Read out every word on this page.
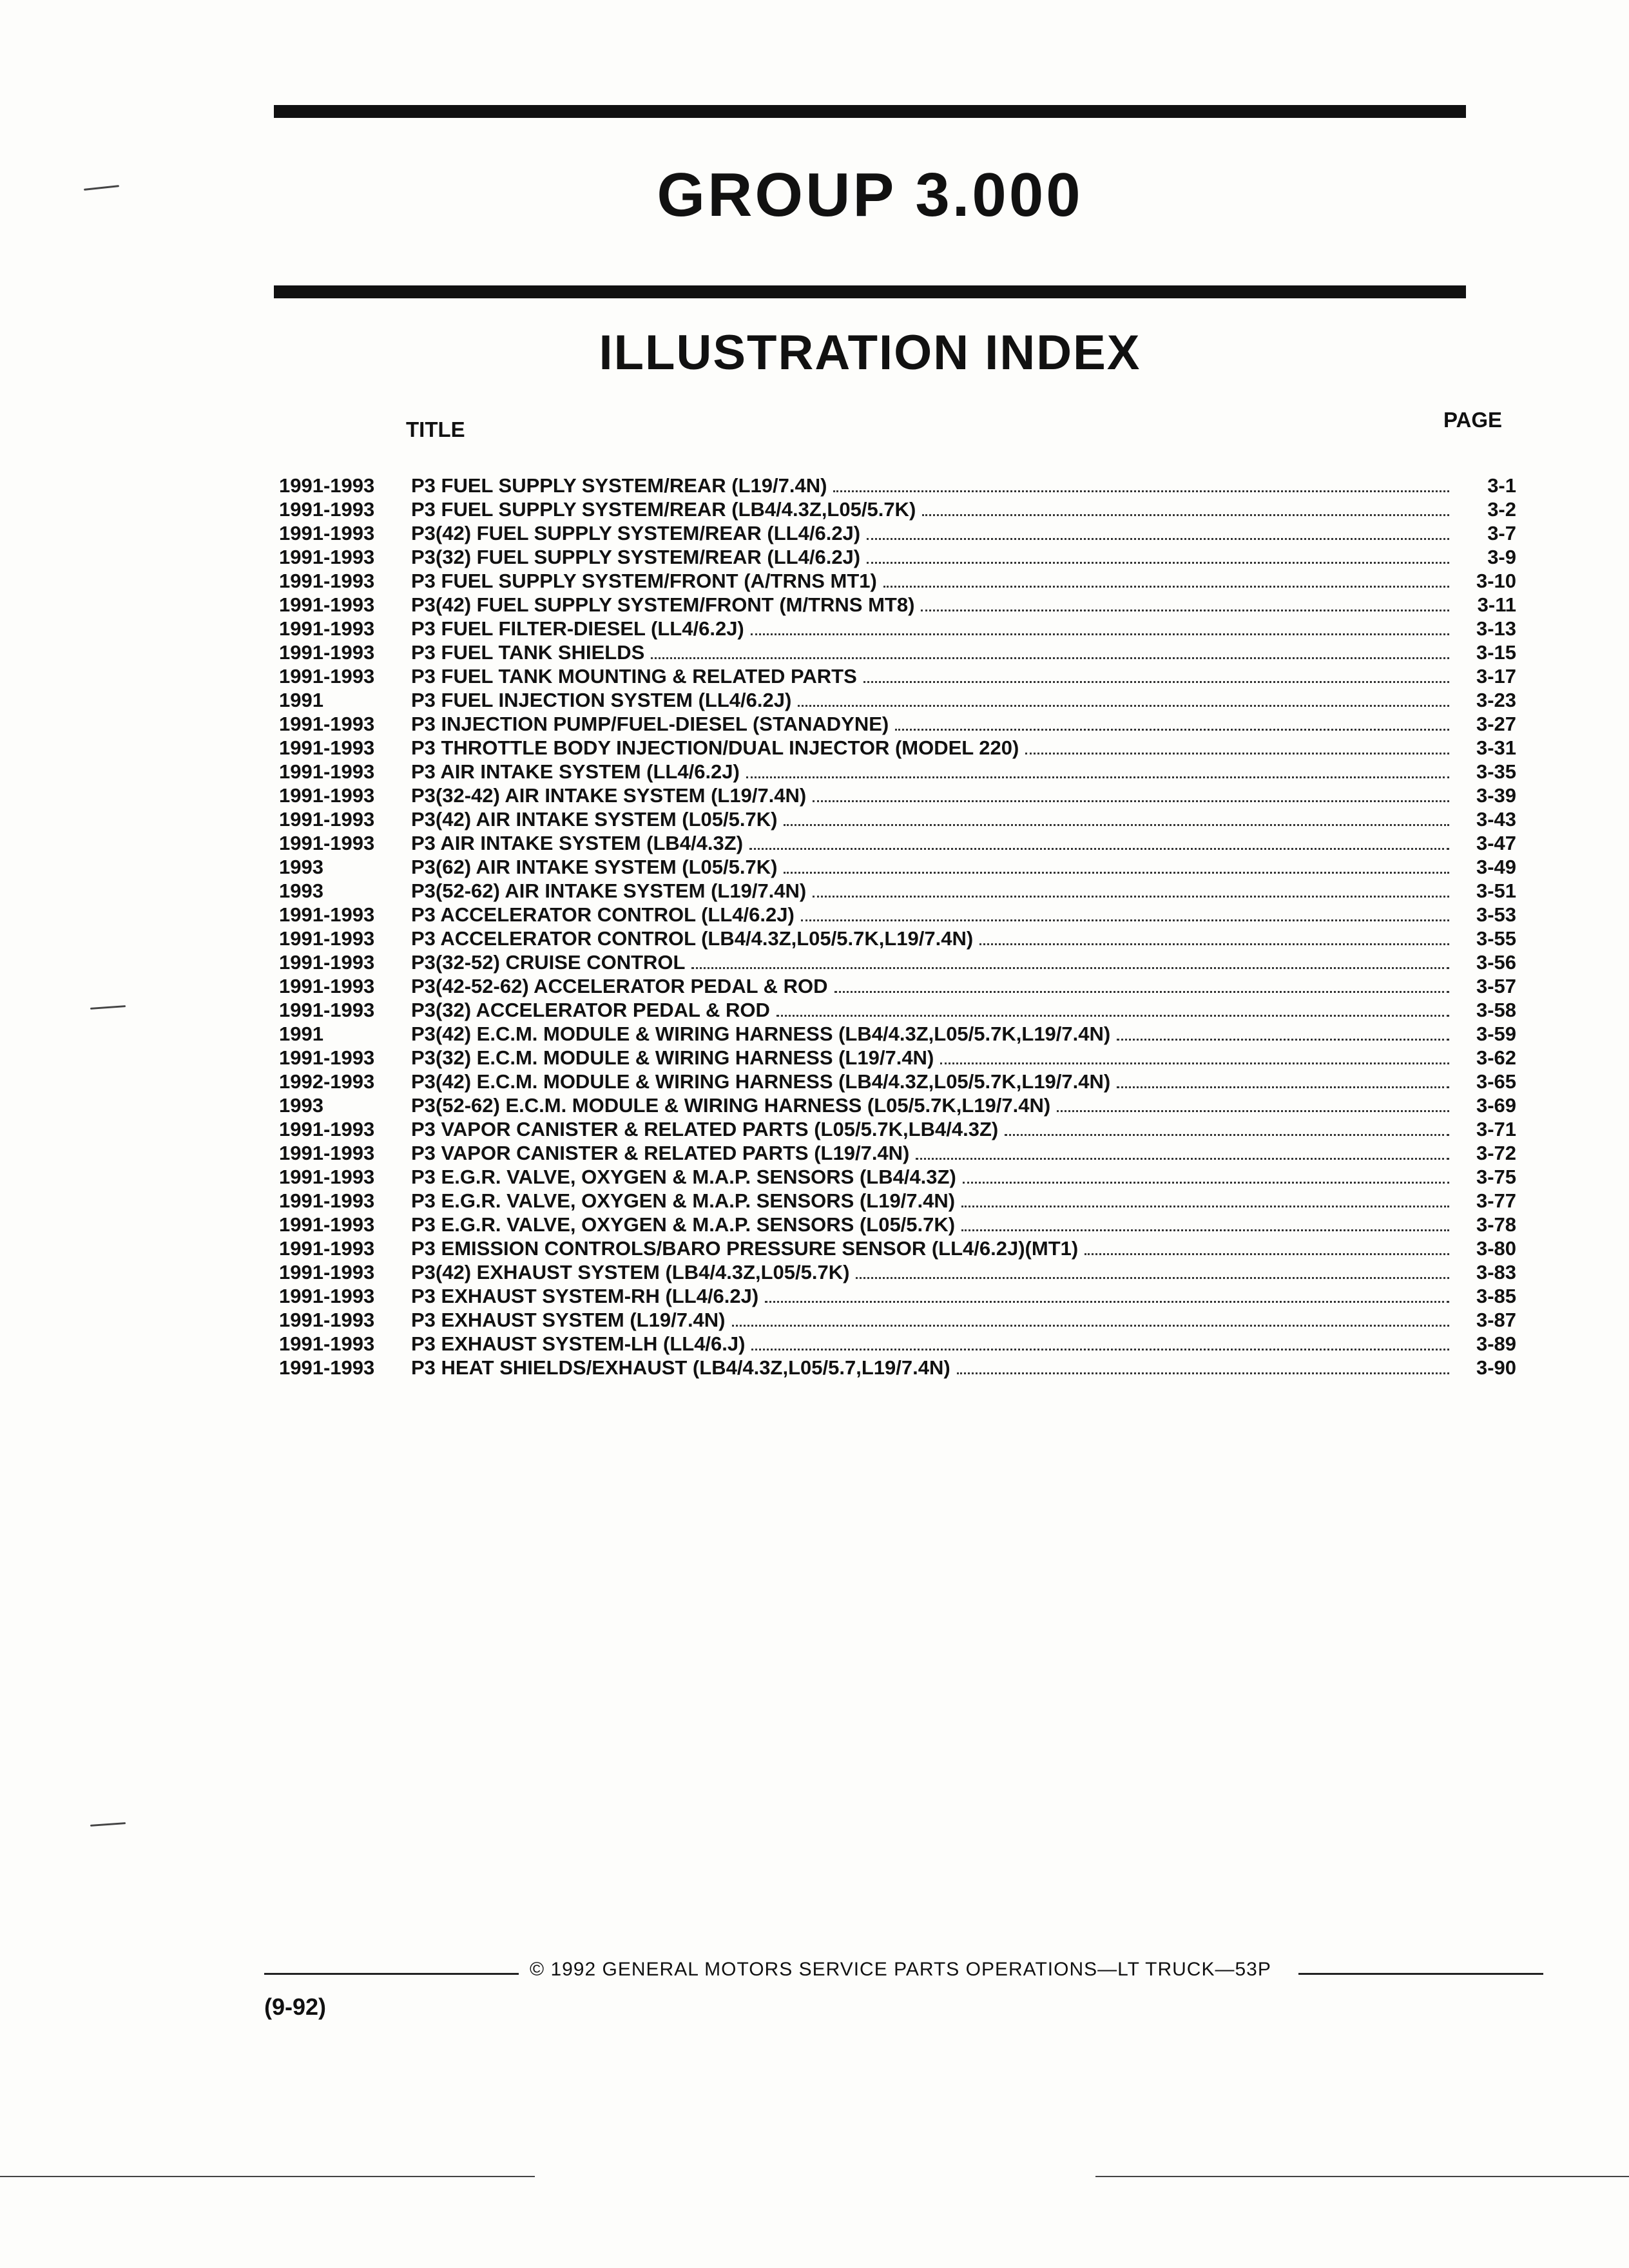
GROUP 3.000
ILLUSTRATION INDEX
TITLE	PAGE
1991-1993	P3 FUEL SUPPLY SYSTEM/REAR (L19/7.4N)	3-1
1991-1993	P3 FUEL SUPPLY SYSTEM/REAR (LB4/4.3Z,L05/5.7K)	3-2
1991-1993	P3(42) FUEL SUPPLY SYSTEM/REAR (LL4/6.2J)	3-7
1991-1993	P3(32) FUEL SUPPLY SYSTEM/REAR (LL4/6.2J)	3-9
1991-1993	P3 FUEL SUPPLY SYSTEM/FRONT (A/TRNS MT1)	3-10
1991-1993	P3(42) FUEL SUPPLY SYSTEM/FRONT (M/TRNS MT8)	3-11
1991-1993	P3 FUEL FILTER-DIESEL (LL4/6.2J)	3-13
1991-1993	P3 FUEL TANK SHIELDS	3-15
1991-1993	P3 FUEL TANK MOUNTING & RELATED PARTS	3-17
1991	P3 FUEL INJECTION SYSTEM (LL4/6.2J)	3-23
1991-1993	P3 INJECTION PUMP/FUEL-DIESEL (STANADYNE)	3-27
1991-1993	P3 THROTTLE BODY INJECTION/DUAL INJECTOR (MODEL 220)	3-31
1991-1993	P3 AIR INTAKE SYSTEM (LL4/6.2J)	3-35
1991-1993	P3(32-42) AIR INTAKE SYSTEM (L19/7.4N)	3-39
1991-1993	P3(42) AIR INTAKE SYSTEM (L05/5.7K)	3-43
1991-1993	P3 AIR INTAKE SYSTEM (LB4/4.3Z)	3-47
1993	P3(62) AIR INTAKE SYSTEM (L05/5.7K)	3-49
1993	P3(52-62) AIR INTAKE SYSTEM (L19/7.4N)	3-51
1991-1993	P3 ACCELERATOR CONTROL (LL4/6.2J)	3-53
1991-1993	P3 ACCELERATOR CONTROL (LB4/4.3Z,L05/5.7K,L19/7.4N)	3-55
1991-1993	P3(32-52) CRUISE CONTROL	3-56
1991-1993	P3(42-52-62) ACCELERATOR PEDAL & ROD	3-57
1991-1993	P3(32) ACCELERATOR PEDAL & ROD	3-58
1991	P3(42) E.C.M. MODULE & WIRING HARNESS (LB4/4.3Z,L05/5.7K,L19/7.4N)	3-59
1991-1993	P3(32) E.C.M. MODULE & WIRING HARNESS (L19/7.4N)	3-62
1992-1993	P3(42) E.C.M. MODULE & WIRING HARNESS (LB4/4.3Z,L05/5.7K,L19/7.4N)	3-65
1993	P3(52-62) E.C.M. MODULE & WIRING HARNESS (L05/5.7K,L19/7.4N)	3-69
1991-1993	P3 VAPOR CANISTER & RELATED PARTS (L05/5.7K,LB4/4.3Z)	3-71
1991-1993	P3 VAPOR CANISTER & RELATED PARTS (L19/7.4N)	3-72
1991-1993	P3 E.G.R. VALVE, OXYGEN & M.A.P. SENSORS (LB4/4.3Z)	3-75
1991-1993	P3 E.G.R. VALVE, OXYGEN & M.A.P. SENSORS (L19/7.4N)	3-77
1991-1993	P3 E.G.R. VALVE, OXYGEN & M.A.P. SENSORS (L05/5.7K)	3-78
1991-1993	P3 EMISSION CONTROLS/BARO PRESSURE SENSOR (LL4/6.2J)(MT1)	3-80
1991-1993	P3(42) EXHAUST SYSTEM (LB4/4.3Z,L05/5.7K)	3-83
1991-1993	P3 EXHAUST SYSTEM-RH (LL4/6.2J)	3-85
1991-1993	P3 EXHAUST SYSTEM (L19/7.4N)	3-87
1991-1993	P3 EXHAUST SYSTEM-LH (LL4/6.J)	3-89
1991-1993	P3 HEAT SHIELDS/EXHAUST (LB4/4.3Z,L05/5.7,L19/7.4N)	3-90
© 1992 GENERAL MOTORS SERVICE PARTS OPERATIONS—LT TRUCK—53P
(9-92)
